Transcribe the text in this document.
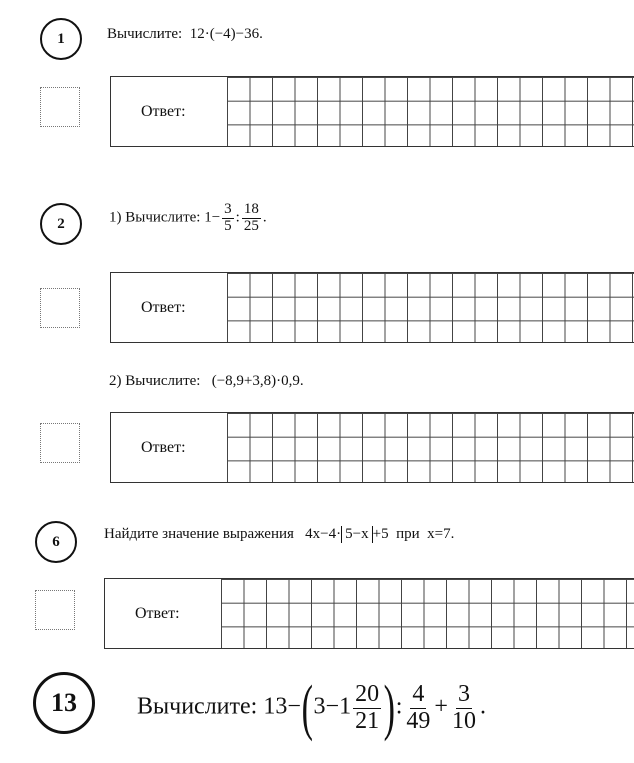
1	Вычислите: 12·(−4)−36.
Ответ:
2	1) Вычислите: $1- \frac{3}{5}$ : $\frac{18}{25}$ .
Ответ:
2) Вычислите: (−8,9+3,8)·0,9.
Ответ:
6	Найдите значение выражения 4x−4· 5−x +5 при x=7.
Ответ:
13	Вычислите: $13-(3-1 \frac{20}{21}$ ): $\frac{4}{49} + \frac{3}{10}$ .
